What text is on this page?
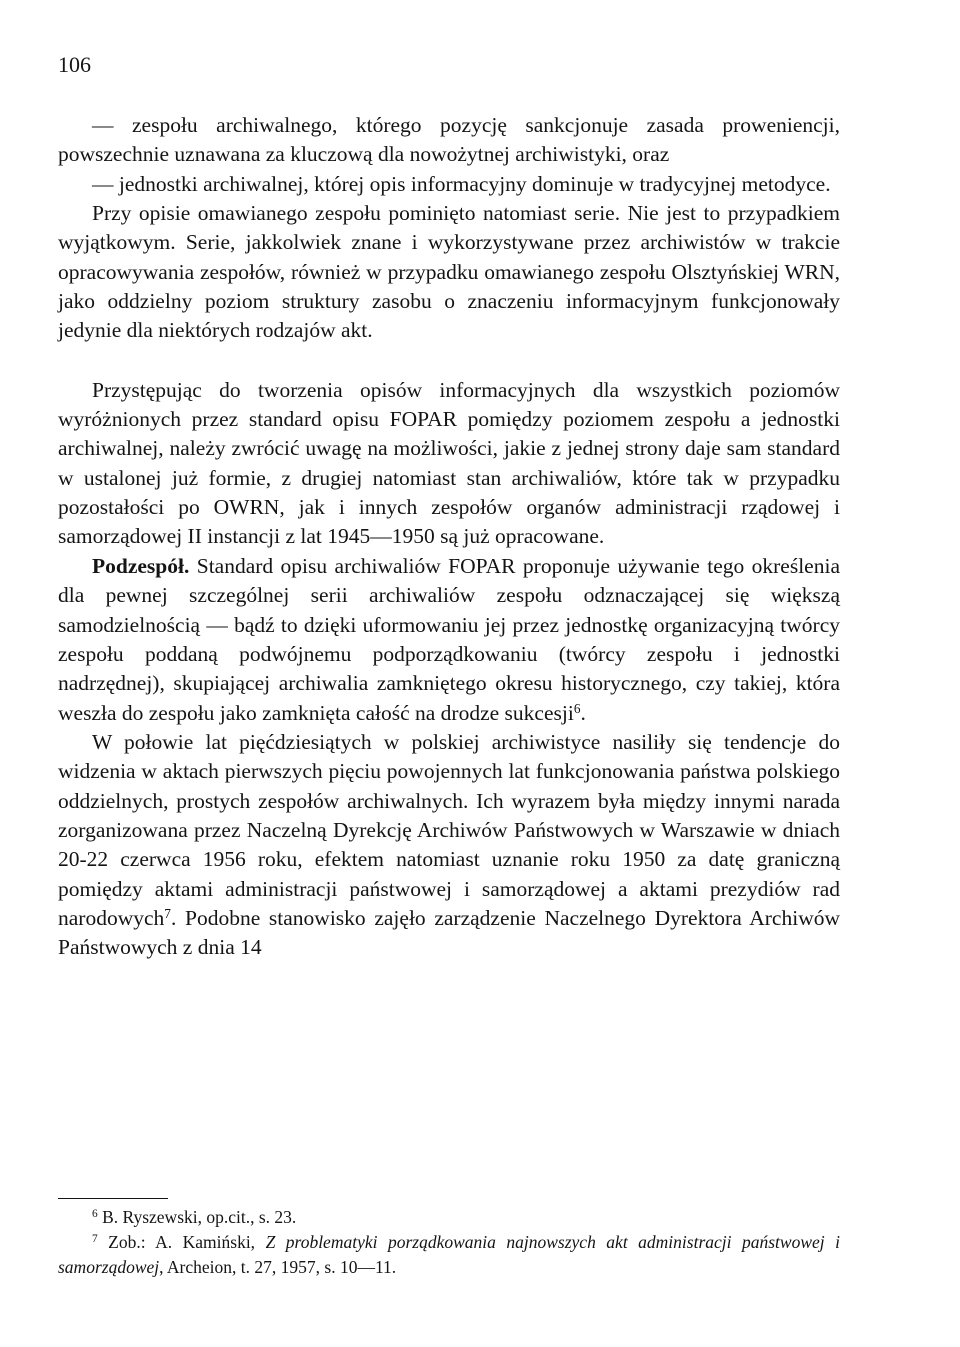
106

— zespołu archiwalnego, którego pozycję sankcjonuje zasada proweniencji, powszechnie uznawana za kluczową dla nowożytnej archiwistyki, oraz

— jednostki archiwalnej, której opis informacyjny dominuje w tradycyjnej metodyce.

Przy opisie omawianego zespołu pominięto natomiast serie. Nie jest to przypadkiem wyjątkowym. Serie, jakkolwiek znane i wykorzystywane przez archiwistów w trakcie opracowywania zespołów, również w przypadku omawianego zespołu Olsztyńskiej WRN, jako oddzielny poziom struktury zasobu o znaczeniu informacyjnym funkcjonowały jedynie dla niektórych rodzajów akt.

Przystępując do tworzenia opisów informacyjnych dla wszystkich poziomów wyróżnionych przez standard opisu FOPAR pomiędzy poziomem zespołu a jednostki archiwalnej, należy zwrócić uwagę na możliwości, jakie z jednej strony daje sam standard w ustalonej już formie, z drugiej natomiast stan archiwaliów, które tak w przypadku pozostałości po OWRN, jak i innych zespołów organów administracji rządowej i samorządowej II instancji z lat 1945—1950 są już opracowane.

Podzespół. Standard opisu archiwaliów FOPAR proponuje używanie tego określenia dla pewnej szczególnej serii archiwaliów zespołu odznaczającej się większą samodzielnością — bądź to dzięki uformowaniu jej przez jednostkę organizacyjną twórcy zespołu poddaną podwójnemu podporządkowaniu (twórcy zespołu i jednostki nadrzędnej), skupiającej archiwalia zamkniętego okresu historycznego, czy takiej, która weszła do zespołu jako zamknięta całość na drodze sukcesji$^6$.

W połowie lat pięćdziesiątych w polskiej archiwistyce nasiliły się tendencje do widzenia w aktach pierwszych pięciu powojennych lat funkcjonowania państwa polskiego oddzielnych, prostych zespołów archiwalnych. Ich wyrazem była między innymi narada zorganizowana przez Naczelną Dyrekcję Archiwów Państwowych w Warszawie w dniach 20-22 czerwca 1956 roku, efektem natomiast uznanie roku 1950 za datę graniczną pomiędzy aktami administracji państwowej i samorządowej a aktami prezydiów rad narodowych$^7$. Podobne stanowisko zajęło zarządzenie Naczelnego Dyrektora Archiwów Państwowych z dnia 14

$^6$ B. Ryszewski, op.cit., s. 23.

$^7$ Zob.: A. Kamiński, Z problematyki porządkowania najnowszych akt administracji państwowej i samorządowej, Archeion, t. 27, 1957, s. 10—11.
